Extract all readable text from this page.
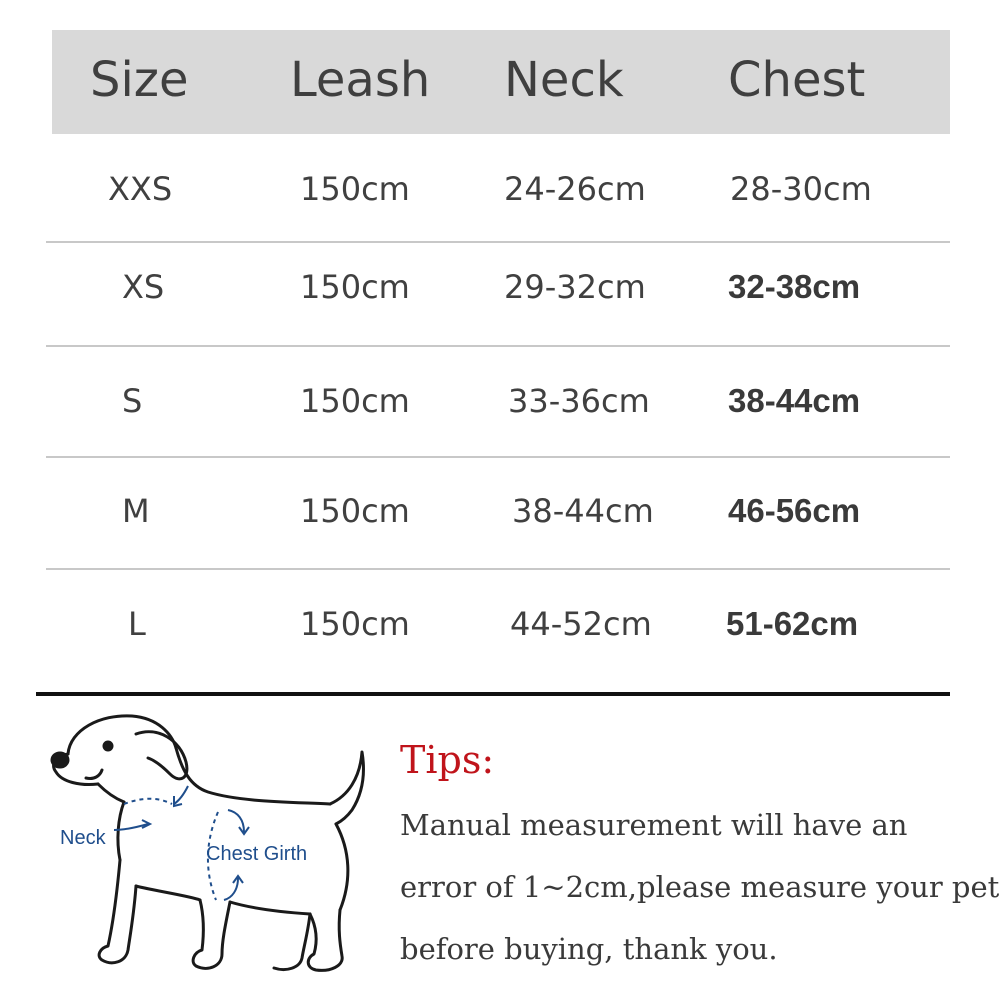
Size Leash Neck Chest
XXS	150cm	24-26cm	28-30cm
XS	150cm	29-32cm 32-38cm
S	150cm	33-36cm 38-44cm
M	150cm	38-44cm 46-56cm
L	150cm	44-52cm 51-62cm
Neck
Chest Girth
Tips:
Manual measurement will have an
error of 1~2cm,please measure your pet
before buying, thank you.
